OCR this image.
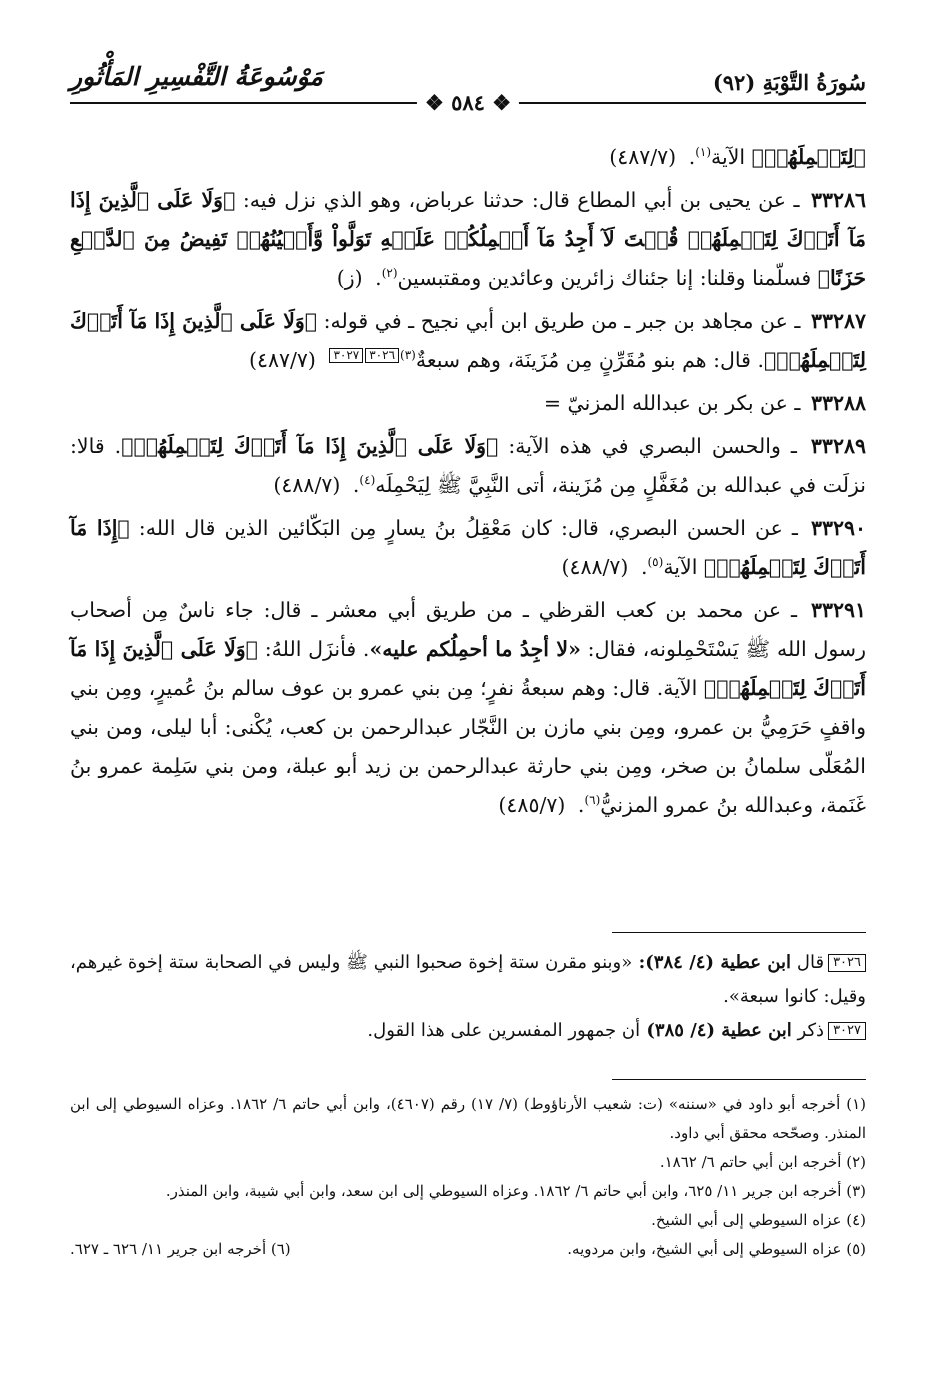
سُورَةُ التَّوْبَةِ (٩٢)
❖ ٥٨٤ ❖
مَوْسُوعَةُ التَّفْسِيرِ المَأْثُورِ

﴿لِتَحۡمِلَهُمۡ﴾ الآية$^{(١)}$. (٤٨٧/٧)

٣٣٢٨٦ ـ عن يحيى بن أبي المطاع قال: حدثنا عرباض، وهو الذي نزل فيه: ﴿وَلَا عَلَى ٱلَّذِينَ إِذَا مَآ أَتَوۡكَ لِتَحۡمِلَهُمۡ قُلۡتَ لَآ أَجِدُ مَآ أَحۡمِلُكُمۡ عَلَيۡهِ تَوَلَّواْ وَّأَعۡيُنُهُمۡ تَفِيضُ مِنَ ٱلدَّمۡعِ حَزَنًا﴾ فسلّمنا وقلنا: إنا جئناك زائرين وعائدين ومقتبسين$^{(٢)}$. (ز)

٣٣٢٨٧ ـ عن مجاهد بن جبر ـ من طريق ابن أبي نجيح ـ في قوله: ﴿وَلَا عَلَى ٱلَّذِينَ إِذَا مَآ أَتَوۡكَ لِتَحۡمِلَهُمۡ﴾. قال: هم بنو مُقَرِّنٍ مِن مُزَينَة، وهم سبعةٌ$^{(٣)}$٣٠٢٦٣٠٢٧ (٤٨٧/٧)

٣٣٢٨٨ ـ عن بكر بن عبدالله المزنيّ =

٣٣٢٨٩ ـ والحسن البصري في هذه الآية: ﴿وَلَا عَلَى ٱلَّذِينَ إِذَا مَآ أَتَوۡكَ لِتَحۡمِلَهُمۡ﴾. قالا: نزلَت في عبدالله بن مُغَفَّلٍ مِن مُزَينة، أتى النَّبِيَّ ﷺ لِيَحْمِلَه$^{(٤)}$. (٤٨٨/٧)

٣٣٢٩٠ ـ عن الحسن البصري، قال: كان مَعْقِلُ بنُ يسارٍ مِن البَكّائين الذين قال الله: ﴿إِذَا مَآ أَتَوۡكَ لِتَحۡمِلَهُمۡ﴾ الآية$^{(٥)}$. (٤٨٨/٧)

٣٣٢٩١ ـ عن محمد بن كعب القرظي ـ من طريق أبي معشر ـ قال: جاء ناسٌ مِن أصحاب رسول الله ﷺ يَسْتَحْمِلونه، فقال: «لا أجِدُ ما أحمِلُكم عليه». فأنزَل اللهُ: ﴿وَلَا عَلَى ٱلَّذِينَ إِذَا مَآ أَتَوۡكَ لِتَحۡمِلَهُمۡ﴾ الآية. قال: وهم سبعةُ نفرٍ؛ مِن بني عمرو بن عوف سالم بنُ عُميرٍ، ومِن بني واقفٍ حَرَمِيُّ بن عمرو، ومِن بني مازن بن النَّجّار عبدالرحمن بن كعب، يُكْنى: أبا ليلى، ومن بني المُعَلّى سلمانُ بن صخر، ومِن بني حارثة عبدالرحمن بن زيد أبو عبلة، ومن بني سَلِمة عمرو بنُ غَنَمة، وعبدالله بنُ عمرو المزنيُّ$^{(٦)}$. (٤٨٥/٧)

٣٠٢٦قال ابن عطية (٤/ ٣٨٤): «وبنو مقرن ستة إخوة صحبوا النبي ﷺ وليس في الصحابة ستة إخوة غيرهم، وقيل: كانوا سبعة».

٣٠٢٧ذكر ابن عطية (٤/ ٣٨٥) أن جمهور المفسرين على هذا القول.

(١) أخرجه أبو داود في «سننه» (ت: شعيب الأرناؤوط) (٧/ ١٧) رقم (٤٦٠٧)، وابن أبي حاتم ٦/ ١٨٦٢. وعزاه السيوطي إلى ابن المنذر. وصحّحه محقق أبي داود.

(٢) أخرجه ابن أبي حاتم ٦/ ١٨٦٢.

(٣) أخرجه ابن جرير ١١/ ٦٢٥، وابن أبي حاتم ٦/ ١٨٦٢. وعزاه السيوطي إلى ابن سعد، وابن أبي شيبة، وابن المنذر.

(٤) عزاه السيوطي إلى أبي الشيخ.

(٥) عزاه السيوطي إلى أبي الشيخ، وابن مردويه.
(٦) أخرجه ابن جرير ١١/ ٦٢٦ ـ ٦٢٧.
